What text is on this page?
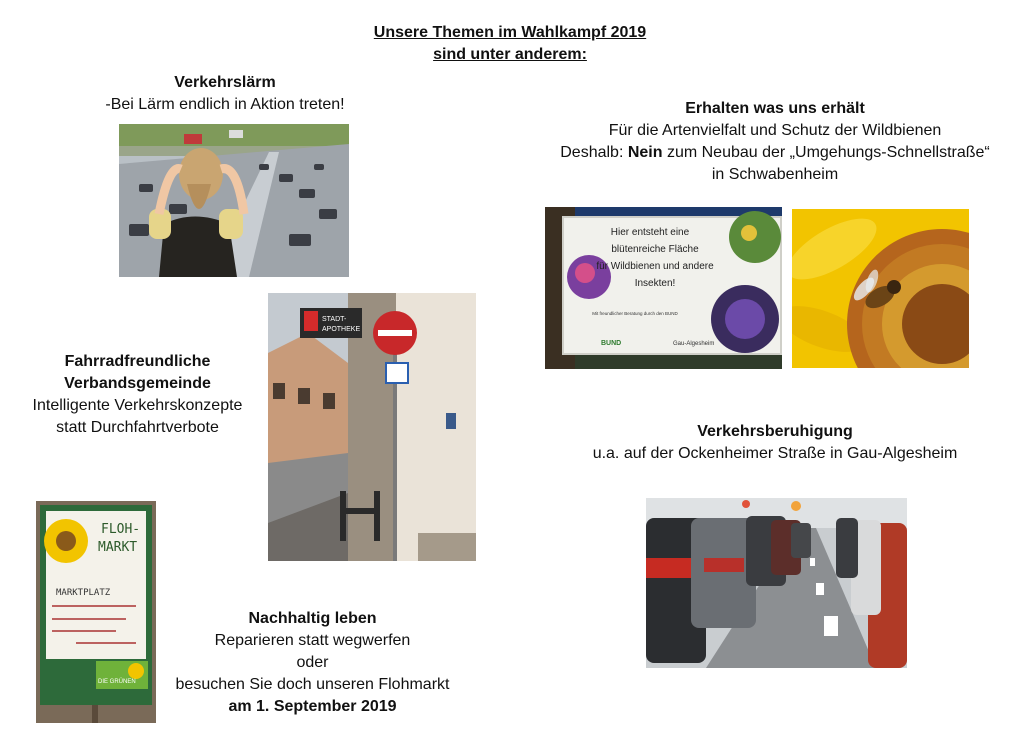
Unsere Themen im Wahlkampf 2019
sind unter anderem:
Verkehrslärm
-Bei Lärm endlich in Aktion treten!	Erhalten was uns erhält
Für die Artenvielfalt und Schutz der Wildbienen
Deshalb: Nein zum Neubau der „Umgehungs-Schnellstraße“
in Schwabenheim
Hier entsteht eine
blütenreiche Fläche
für Wildbienen und andere
Insekten!
Mit freundlicher Beratung durch den BUND
BUND	Gau-Algesheim
Fahrradfreundliche
Verbandsgemeinde
Intelligente Verkehrskonzepte
statt Durchfahrtverbote
STADT-
APOTHEKE
Verkehrsberuhigung
u.a. auf der Ockenheimer Straße in Gau-Algesheim
FLOH-
MARKT
MARKTPLATZ
DIE GRÜNEN
Nachhaltig leben
Reparieren statt wegwerfen
oder
besuchen Sie doch unseren Flohmarkt
am 1. September 2019
